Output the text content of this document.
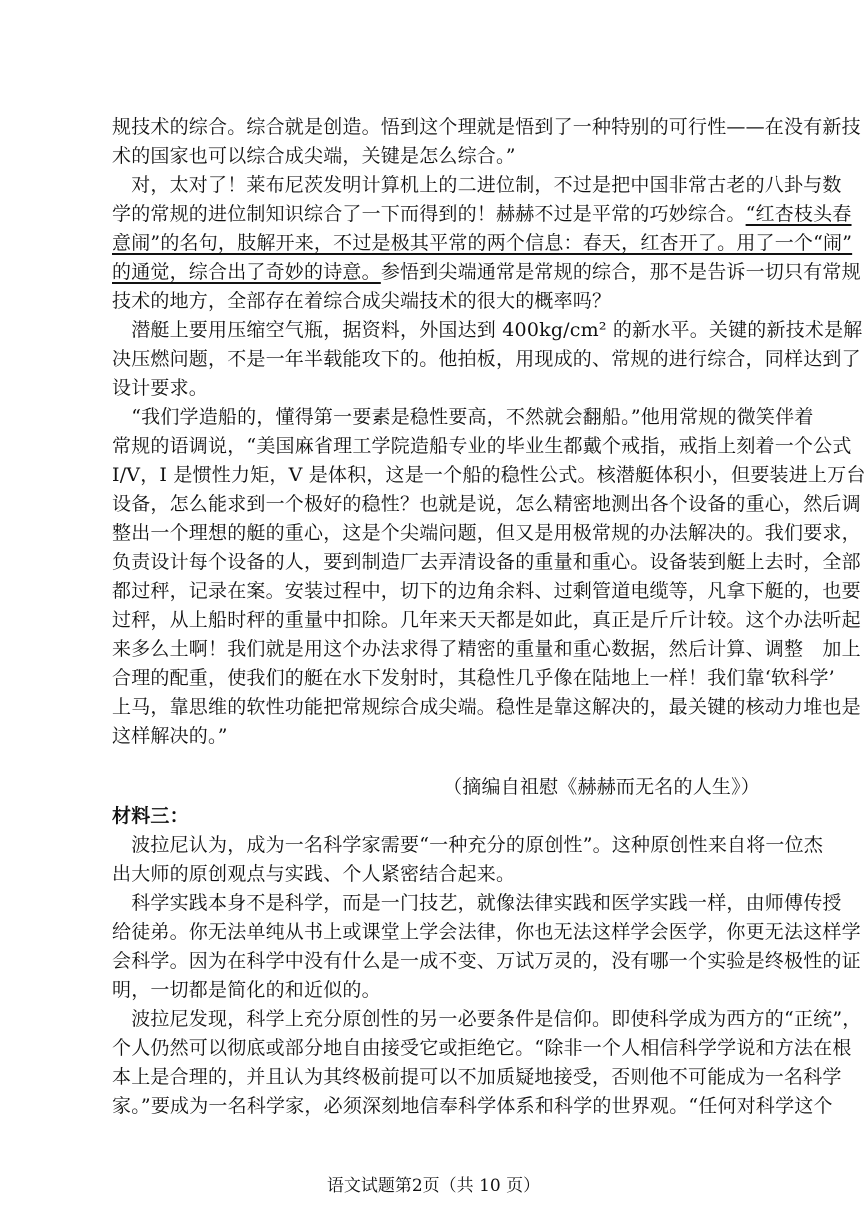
规技术的综合。综合就是创造。悟到这个理就是悟到了一种特别的可行性——在没有新技
术的国家也可以综合成尖端，关键是怎么综合。”
　对，太对了！莱布尼茨发明计算机上的二进位制，不过是把中国非常古老的八卦与数
学的常规的进位制知识综合了一下而得到的！赫赫不过是平常的巧妙综合。“红杏枝头春
意闹”的名句，肢解开来，不过是极其平常的两个信息：春天，红杏开了。用了一个“闹”
的通觉，综合出了奇妙的诗意。参悟到尖端通常是常规的综合，那不是告诉一切只有常规
技术的地方，全部存在着综合成尖端技术的很大的概率吗？
　潜艇上要用压缩空气瓶，据资料，外国达到 400kg/cm² 的新水平。关键的新技术是解
决压燃问题，不是一年半载能攻下的。他拍板，用现成的、常规的进行综合，同样达到了
设计要求。
　“我们学造船的，懂得第一要素是稳性要高，不然就会翻船。”他用常规的微笑伴着
常规的语调说，“美国麻省理工学院造船专业的毕业生都戴个戒指，戒指上刻着一个公式
I/V，I 是惯性力矩，V 是体积，这是一个船的稳性公式。核潜艇体积小，但要装进上万台
设备，怎么能求到一个极好的稳性？也就是说，怎么精密地测出各个设备的重心，然后调
整出一个理想的艇的重心，这是个尖端问题，但又是用极常规的办法解决的。我们要求，
负责设计每个设备的人，要到制造厂去弄清设备的重量和重心。设备装到艇上去时，全部
都过秤，记录在案。安装过程中，切下的边角余料、过剩管道电缆等，凡拿下艇的，也要
过秤，从上船时秤的重量中扣除。几年来天天都是如此，真正是斤斤计较。这个办法听起
来多么土啊！我们就是用这个办法求得了精密的重量和重心数据，然后计算、调整　加上
合理的配重，使我们的艇在水下发射时，其稳性几乎像在陆地上一样！我们靠‘软科学’
上马，靠思维的软性功能把常规综合成尖端。稳性是靠这解决的，最关键的核动力堆也是
这样解决的。”
（摘编自祖慰《赫赫而无名的人生》）
材料三：
　波拉尼认为，成为一名科学家需要“一种充分的原创性”。这种原创性来自将一位杰
出大师的原创观点与实践、个人紧密结合起来。
　科学实践本身不是科学，而是一门技艺，就像法律实践和医学实践一样，由师傅传授
给徒弟。你无法单纯从书上或课堂上学会法律，你也无法这样学会医学，你更无法这样学
会科学。因为在科学中没有什么是一成不变、万试万灵的，没有哪一个实验是终极性的证
明，一切都是简化的和近似的。
　波拉尼发现，科学上充分原创性的另一必要条件是信仰。即使科学成为西方的“正统”，
个人仍然可以彻底或部分地自由接受它或拒绝它。“除非一个人相信科学学说和方法在根
本上是合理的，并且认为其终极前提可以不加质疑地接受，否则他不可能成为一名科学
家。”要成为一名科学家，必须深刻地信奉科学体系和科学的世界观。“任何对科学这个
语文试题第2页（共 10 页）
